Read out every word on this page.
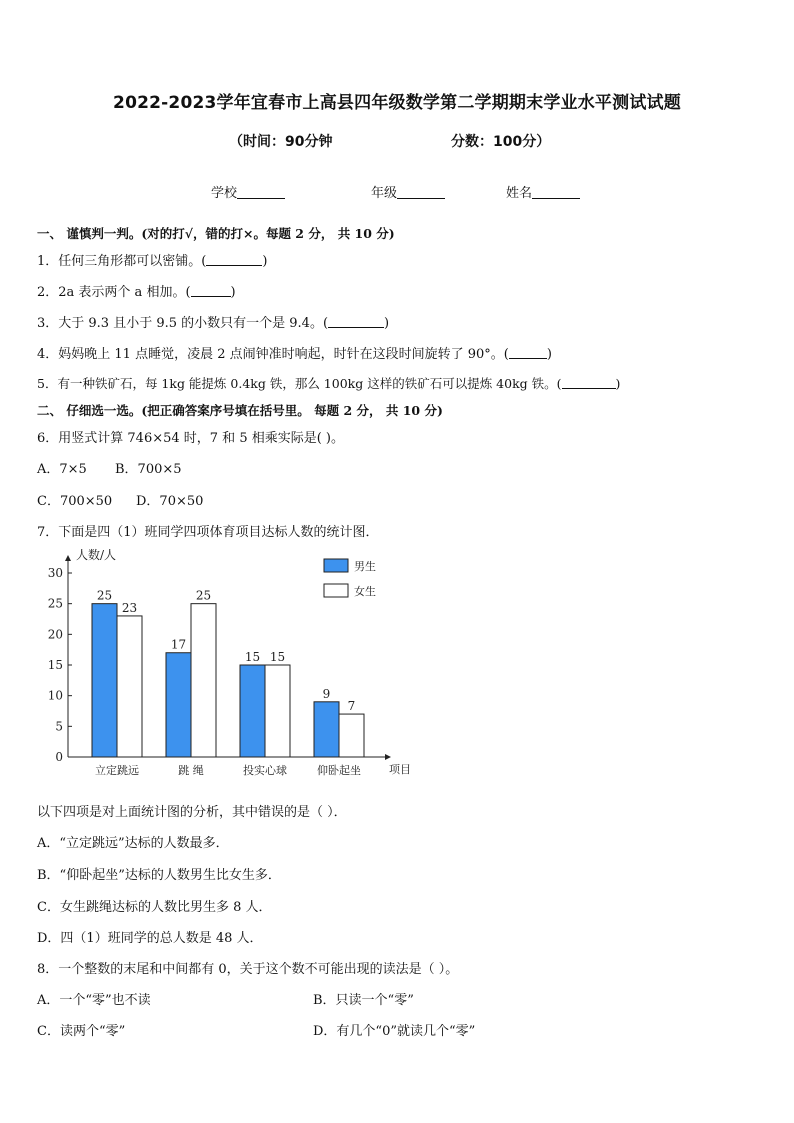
2022-2023学年宜春市上高县四年级数学第二学期期末学业水平测试试题
（时间：90分钟	分数：100分）
学校	年级	姓名
一、 谨慎判一判。(对的打√，错的打×。每题 2 分， 共 10 分)
1．任何三角形都可以密铺。(	)
2．2a 表示两个 a 相加。(	)
3．大于 9.3 且小于 9.5 的小数只有一个是 9.4。(	)
4．妈妈晚上 11 点睡觉，凌晨 2 点闹钟准时响起，时针在这段时间旋转了 90°。(	)
5．有一种铁矿石，每 1kg 能提炼 0.4kg 铁，那么 100kg 这样的铁矿石可以提炼 40kg 铁。(	)
二、 仔细选一选。(把正确答案序号填在括号里。 每题 2 分， 共 10 分)
6．用竖式计算 746×54 时，7 和 5 相乘实际是( )。
A．7×5 B．700×5
C．700×50 D．70×50
7．下面是四（1）班同学四项体育项目达标人数的统计图．
0
5
10
15
20
25
30
人数/人
项目
25
23
立定跳远
17
25
跳 绳
15 15
投实心球
9
7
仰卧起坐
男生
女生
以下四项是对上面统计图的分析，其中错误的是（ ）．
A．“立定跳远”达标的人数最多．
B．“仰卧起坐”达标的人数男生比女生多．
C．女生跳绳达标的人数比男生多 8 人．
D．四（1）班同学的总人数是 48 人．
8．一个整数的末尾和中间都有 0，关于这个数不可能出现的读法是（ ）。
A．一个“零”也不读	B．只读一个“零”
C．读两个“零”	D．有几个“0”就读几个“零”
